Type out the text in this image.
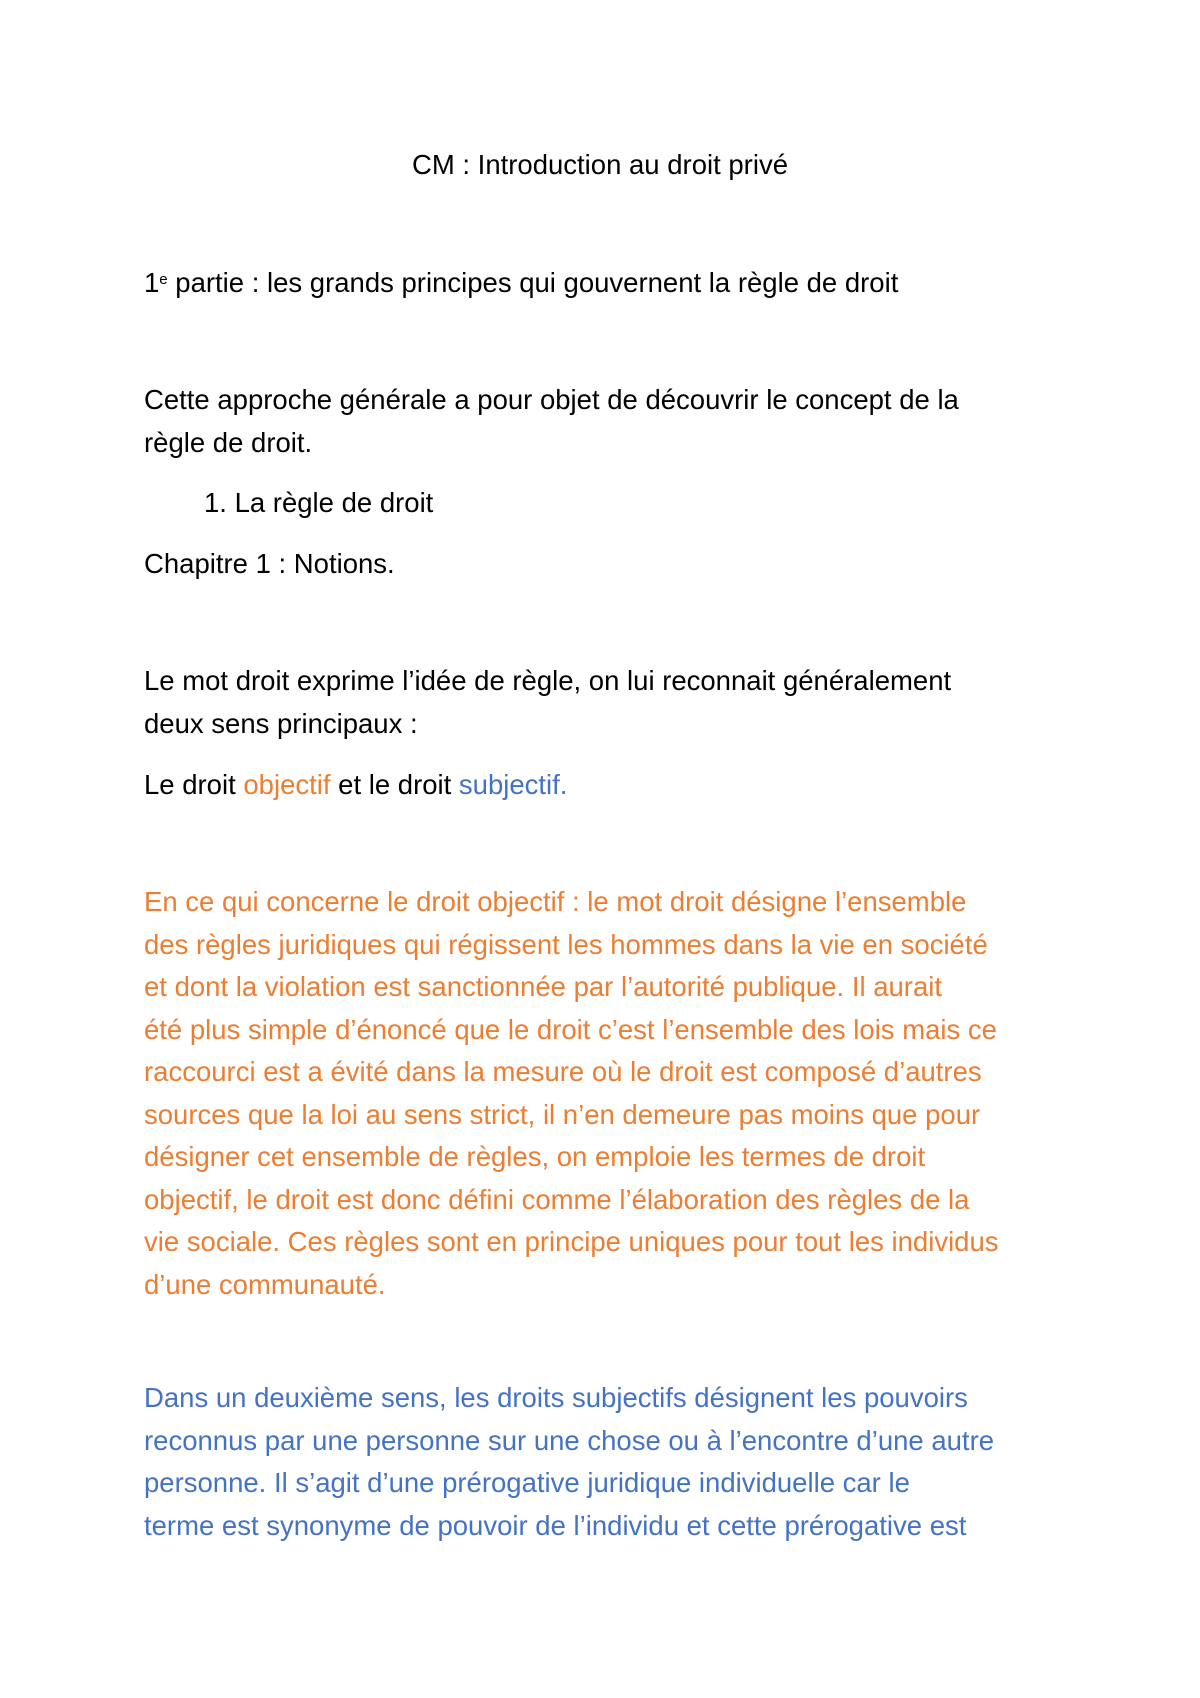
CM : Introduction au droit privé
1e partie : les grands principes qui gouvernent la règle de droit
Cette approche générale a pour objet de découvrir le concept de la
règle de droit.
1. La règle de droit
Chapitre 1 : Notions.
Le mot droit exprime l’idée de règle, on lui reconnait généralement
deux sens principaux :
Le droit objectif et le droit subjectif.
En ce qui concerne le droit objectif : le mot droit désigne l’ensemble
des règles juridiques qui régissent les hommes dans la vie en société
et dont la violation est sanctionnée par l’autorité publique. Il aurait
été plus simple d’énoncé que le droit c’est l’ensemble des lois mais ce
raccourci est a évité dans la mesure où le droit est composé d’autres
sources que la loi au sens strict, il n’en demeure pas moins que pour
désigner cet ensemble de règles, on emploie les termes de droit
objectif, le droit est donc défini comme l’élaboration des règles de la
vie sociale. Ces règles sont en principe uniques pour tout les individus
d’une communauté.
Dans un deuxième sens, les droits subjectifs désignent les pouvoirs
reconnus par une personne sur une chose ou à l’encontre d’une autre
personne. Il s’agit d’une prérogative juridique individuelle car le
terme est synonyme de pouvoir de l’individu et cette prérogative est
